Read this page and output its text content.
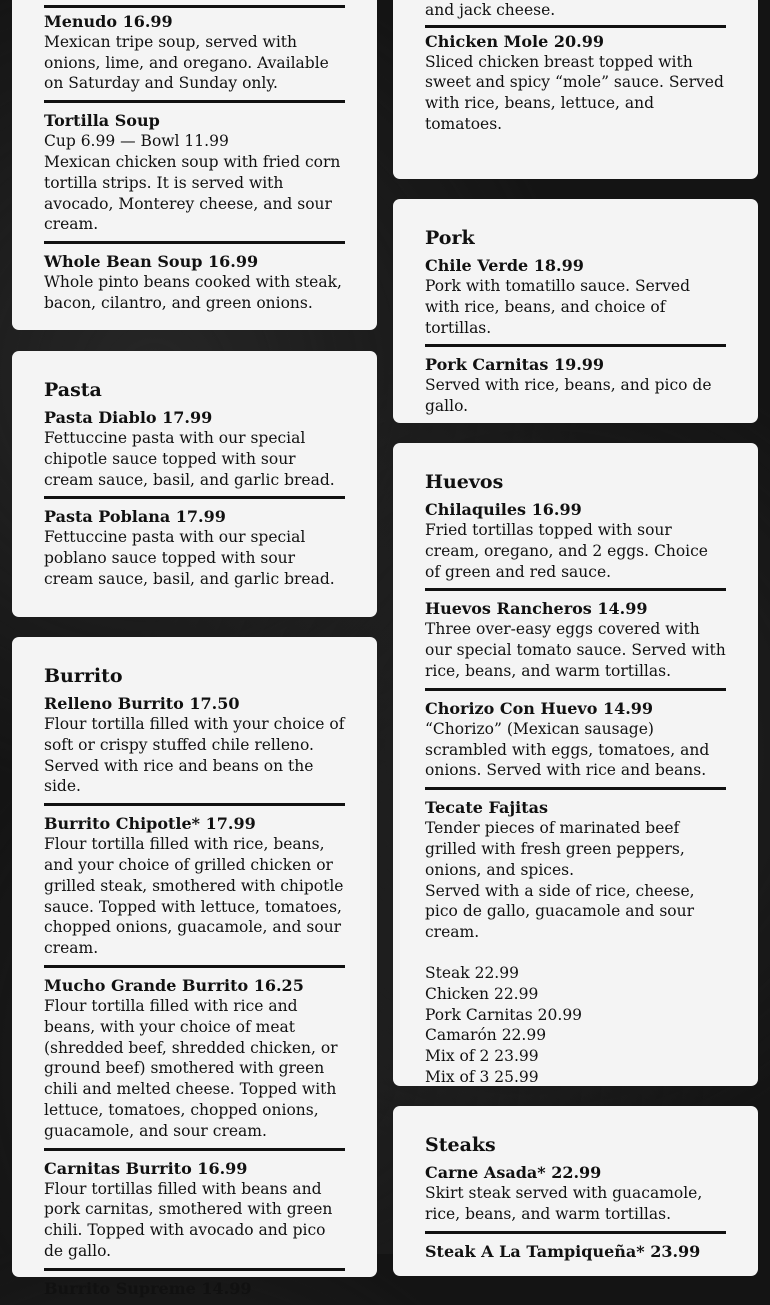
Menudo 16.99
Mexican tripe soup, served with onions, lime, and oregano. Available on Saturday and Sunday only.
Tortilla Soup
Cup 6.99 — Bowl 11.99
Mexican chicken soup with fried corn tortilla strips. It is served with avocado, Monterey cheese, and sour cream.
Whole Bean Soup 16.99
Whole pinto beans cooked with steak, bacon, cilantro, and green onions.
Pasta
Pasta Diablo 17.99
Fettuccine pasta with our special chipotle sauce topped with sour cream sauce, basil, and garlic bread.
Pasta Poblana 17.99
Fettuccine pasta with our special poblano sauce topped with sour cream sauce, basil, and garlic bread.
Burrito
Relleno Burrito 17.50
Flour tortilla filled with your choice of soft or crispy stuffed chile relleno. Served with rice and beans on the side.
Burrito Chipotle* 17.99
Flour tortilla filled with rice, beans, and your choice of grilled chicken or grilled steak, smothered with chipotle sauce. Topped with lettuce, tomatoes, chopped onions, guacamole, and sour cream.
Mucho Grande Burrito 16.25
Flour tortilla filled with rice and beans, with your choice of meat (shredded beef, shredded chicken, or ground beef) smothered with green chili and melted cheese. Topped with lettuce, tomatoes, chopped onions, guacamole, and sour cream.
Carnitas Burrito 16.99
Flour tortillas filled with beans and pork carnitas, smothered with green chili. Topped with avocado and pico de gallo.
Burrito Supreme 14.99
and jack cheese.
Chicken Mole 20.99
Sliced chicken breast topped with sweet and spicy “mole” sauce. Served with rice, beans, lettuce, and tomatoes.
Pork
Chile Verde 18.99
Pork with tomatillo sauce. Served with rice, beans, and choice of tortillas.
Pork Carnitas 19.99
Served with rice, beans, and pico de gallo.
Huevos
Chilaquiles 16.99
Fried tortillas topped with sour cream, oregano, and 2 eggs. Choice of green and red sauce.
Huevos Rancheros 14.99
Three over-easy eggs covered with our special tomato sauce. Served with rice, beans, and warm tortillas.
Chorizo Con Huevo 14.99
“Chorizo” (Mexican sausage) scrambled with eggs, tomatoes, and onions. Served with rice and beans.
Tecate Fajitas
Tender pieces of marinated beef grilled with fresh green peppers, onions, and spices.
Served with a side of rice, cheese, pico de gallo, guacamole and sour cream.
Steak 22.99
Chicken 22.99
Pork Carnitas 20.99
Camarón 22.99
Mix of 2 23.99
Mix of 3 25.99
Steaks
Carne Asada* 22.99
Skirt steak served with guacamole, rice, beans, and warm tortillas.
Steak A La Tampiqueña* 23.99
